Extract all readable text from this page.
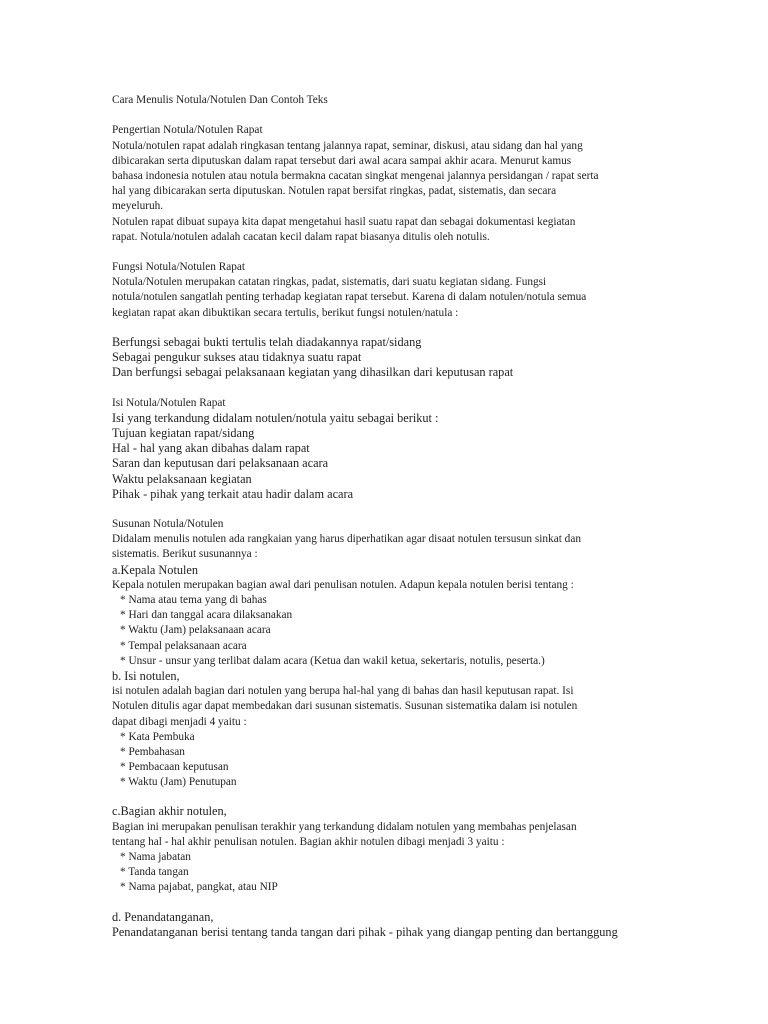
Cara Menulis Notula/Notulen Dan Contoh Teks
Pengertian Notula/Notulen Rapat
Notula/notulen rapat adalah ringkasan tentang jalannya rapat, seminar, diskusi, atau sidang dan hal yang
dibicarakan serta diputuskan dalam rapat tersebut dari awal acara sampai akhir acara. Menurut kamus
bahasa indonesia notulen atau notula bermakna cacatan singkat mengenai jalannya persidangan / rapat serta
hal yang dibicarakan serta diputuskan. Notulen rapat bersifat ringkas, padat, sistematis, dan secara
meyeluruh.
Notulen rapat dibuat supaya kita dapat mengetahui hasil suatu rapat dan sebagai dokumentasi kegiatan
rapat. Notula/notulen adalah cacatan kecil dalam rapat biasanya ditulis oleh notulis.
Fungsi Notula/Notulen Rapat
Notula/Notulen merupakan catatan ringkas, padat, sistematis, dari suatu kegiatan sidang. Fungsi
notula/notulen sangatlah penting terhadap kegiatan rapat tersebut. Karena di dalam notulen/notula semua
kegiatan rapat akan dibuktikan secara tertulis, berikut fungsi notulen/natula :
Berfungsi sebagai bukti tertulis telah diadakannya rapat/sidang
Sebagai pengukur sukses atau tidaknya suatu rapat
Dan berfungsi sebagai pelaksanaan kegiatan yang dihasilkan dari keputusan rapat
Isi Notula/Notulen Rapat
Isi yang terkandung didalam notulen/notula yaitu sebagai berikut :
Tujuan kegiatan rapat/sidang
Hal - hal yang akan dibahas dalam rapat
Saran dan keputusan dari pelaksanaan acara
Waktu pelaksanaan kegiatan
Pihak - pihak yang terkait atau hadir dalam acara
Susunan Notula/Notulen
Didalam menulis notulen ada rangkaian yang harus diperhatikan agar disaat notulen tersusun sinkat dan
sistematis. Berikut susunannya :
a.Kepala Notulen
Kepala notulen merupakan bagian awal dari penulisan notulen. Adapun kepala notulen berisi tentang :
* Nama atau tema yang di bahas
* Hari dan tanggal acara dilaksanakan
* Waktu (Jam) pelaksanaan acara
* Tempal pelaksanaan acara
* Unsur - unsur yang terlibat dalam acara (Ketua dan wakil ketua, sekertaris, notulis, peserta.)
b. Isi notulen,
isi notulen adalah bagian dari notulen yang berupa hal-hal yang di bahas dan hasil keputusan rapat. Isi
Notulen ditulis agar dapat membedakan dari susunan sistematis. Susunan sistematika dalam isi notulen
dapat dibagi menjadi 4 yaitu :
* Kata Pembuka
* Pembahasan
* Pembacaan keputusan
* Waktu (Jam) Penutupan
c.Bagian akhir notulen,
Bagian ini merupakan penulisan terakhir yang terkandung didalam notulen yang membahas penjelasan
tentang hal - hal akhir penulisan notulen. Bagian akhir notulen dibagi menjadi 3 yaitu :
* Nama jabatan
* Tanda tangan
* Nama pajabat, pangkat, atau NIP
d. Penandatanganan,
Penandatanganan berisi tentang tanda tangan dari pihak - pihak yang diangap penting dan bertanggung
